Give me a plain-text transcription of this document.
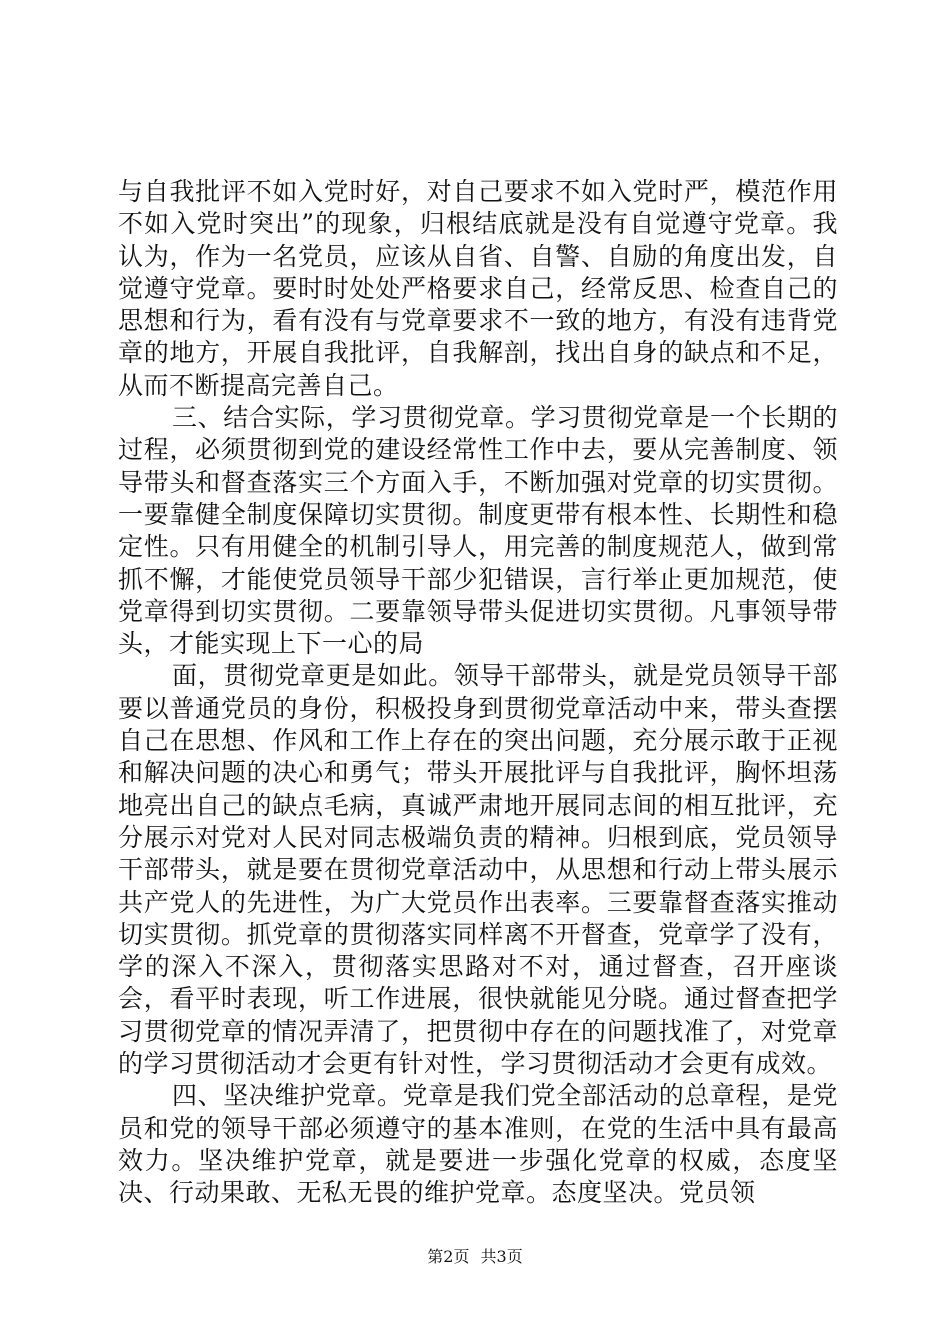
与自我批评不如入党时好，对自己要求不如入党时严，模范作用不如入党时突出”的现象，归根结底就是没有自觉遵守党章。我认为，作为一名党员，应该从自省、自警、自励的角度出发，自觉遵守党章。要时时处处严格要求自己，经常反思、检查自己的思想和行为，看有没有与党章要求不一致的地方，有没有违背党章的地方，开展自我批评，自我解剖，找出自身的缺点和不足，从而不断提高完善自己。

三、结合实际，学习贯彻党章。学习贯彻党章是一个长期的过程，必须贯彻到党的建设经常性工作中去，要从完善制度、领导带头和督查落实三个方面入手，不断加强对党章的切实贯彻。一要靠健全制度保障切实贯彻。制度更带有根本性、长期性和稳定性。只有用健全的机制引导人，用完善的制度规范人，做到常抓不懈，才能使党员领导干部少犯错误，言行举止更加规范，使党章得到切实贯彻。二要靠领导带头促进切实贯彻。凡事领导带头，才能实现上下一心的局

面，贯彻党章更是如此。领导干部带头，就是党员领导干部要以普通党员的身份，积极投身到贯彻党章活动中来，带头查摆自己在思想、作风和工作上存在的突出问题，充分展示敢于正视和解决问题的决心和勇气；带头开展批评与自我批评，胸怀坦荡地亮出自己的缺点毛病，真诚严肃地开展同志间的相互批评，充分展示对党对人民对同志极端负责的精神。归根到底，党员领导干部带头，就是要在贯彻党章活动中，从思想和行动上带头展示共产党人的先进性，为广大党员作出表率。三要靠督查落实推动切实贯彻。抓党章的贯彻落实同样离不开督查，党章学了没有，学的深入不深入，贯彻落实思路对不对，通过督查，召开座谈会，看平时表现，听工作进展，很快就能见分晓。通过督查把学习贯彻党章的情况弄清了，把贯彻中存在的问题找准了，对党章的学习贯彻活动才会更有针对性，学习贯彻活动才会更有成效。

四、坚决维护党章。党章是我们党全部活动的总章程，是党员和党的领导干部必须遵守的基本准则，在党的生活中具有最高效力。坚决维护党章，就是要进一步强化党章的权威，态度坚决、行动果敢、无私无畏的维护党章。态度坚决。党员领

第2页 共3页
